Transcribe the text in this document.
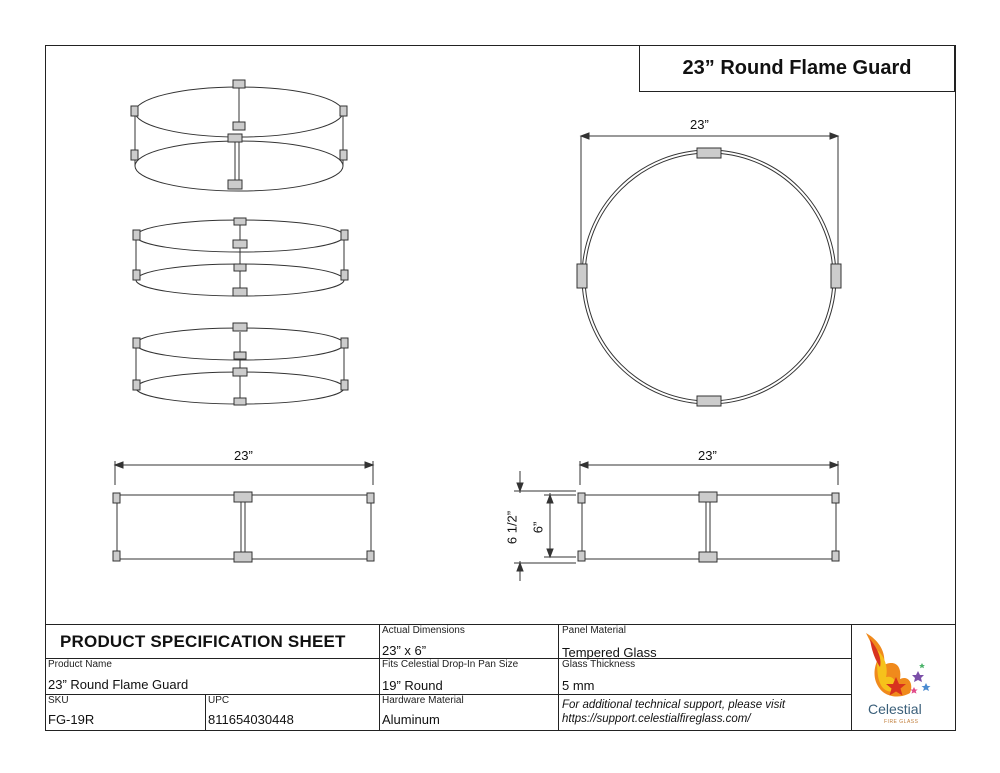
23” Round Flame Guard
23”
23”	23”
6 1/2” 6”
PRODUCT SPECIFICATION SHEET
Product Name
23” Round Flame Guard
SKU
FG-19R
UPC
811654030448
Actual Dimensions
23” x 6”
Fits Celestial Drop-In Pan Size
19” Round
Hardware Material
Aluminum
Panel Material
Tempered Glass
Glass Thickness
5 mm
For additional technical support, please visit
https://support.celestialfireglass.com/
Celestial
FIRE GLASS
